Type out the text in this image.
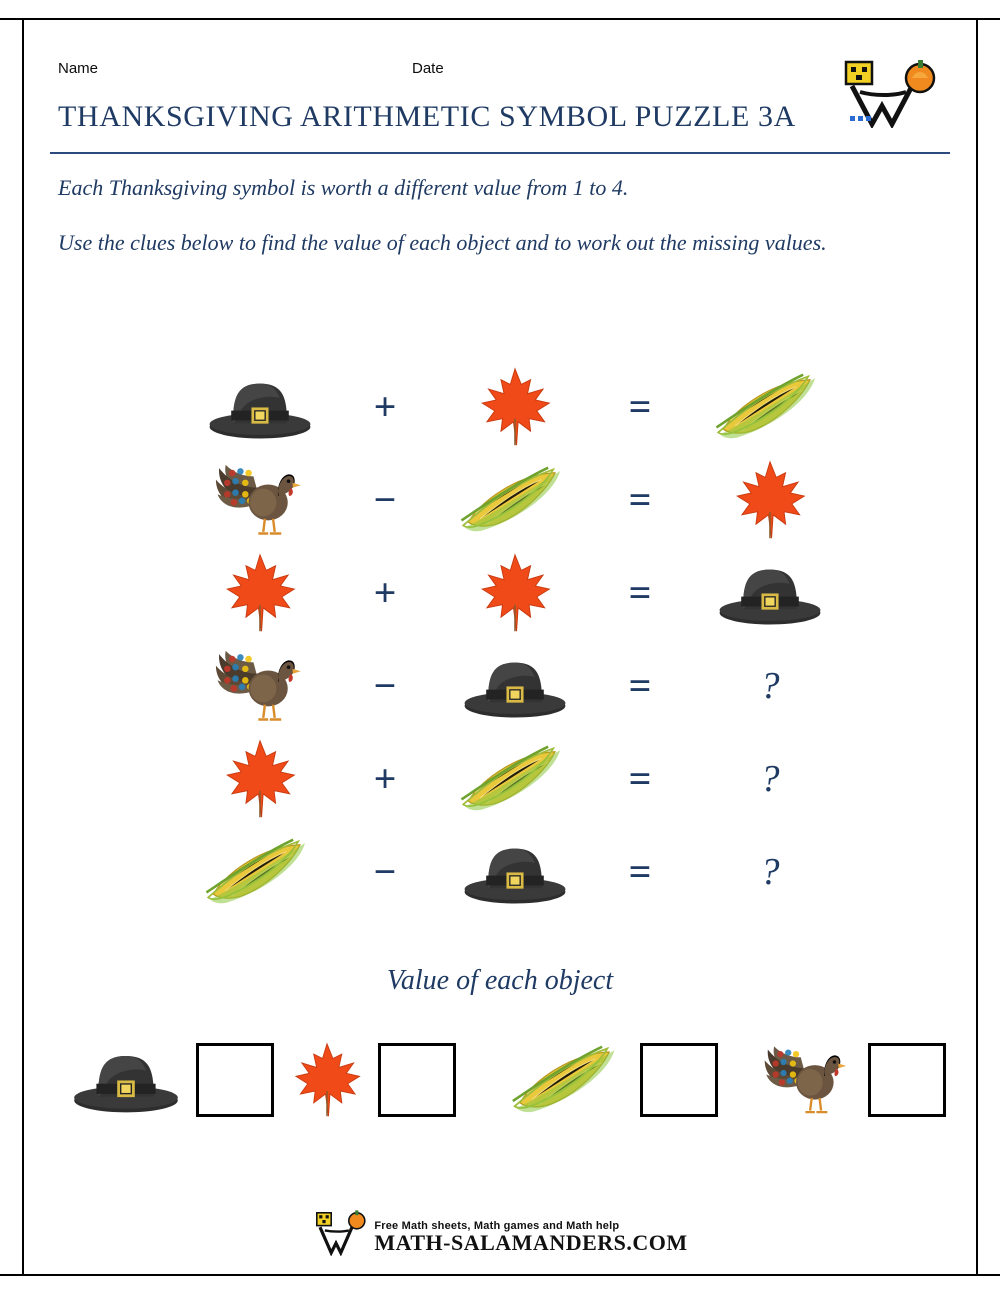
Name	Date
THANKSGIVING ARITHMETIC SYMBOL PUZZLE 3A
Each Thanksgiving symbol is worth a different value from 1 to 4.
Use the clues below to find the value of each object and to work out the missing values.
+	=
−	=
+	=
−	=	?
+	=	?
−	=	?
Value of each object
Free Math sheets, Math games and Math help
MATH-SALAMANDERS.COM
